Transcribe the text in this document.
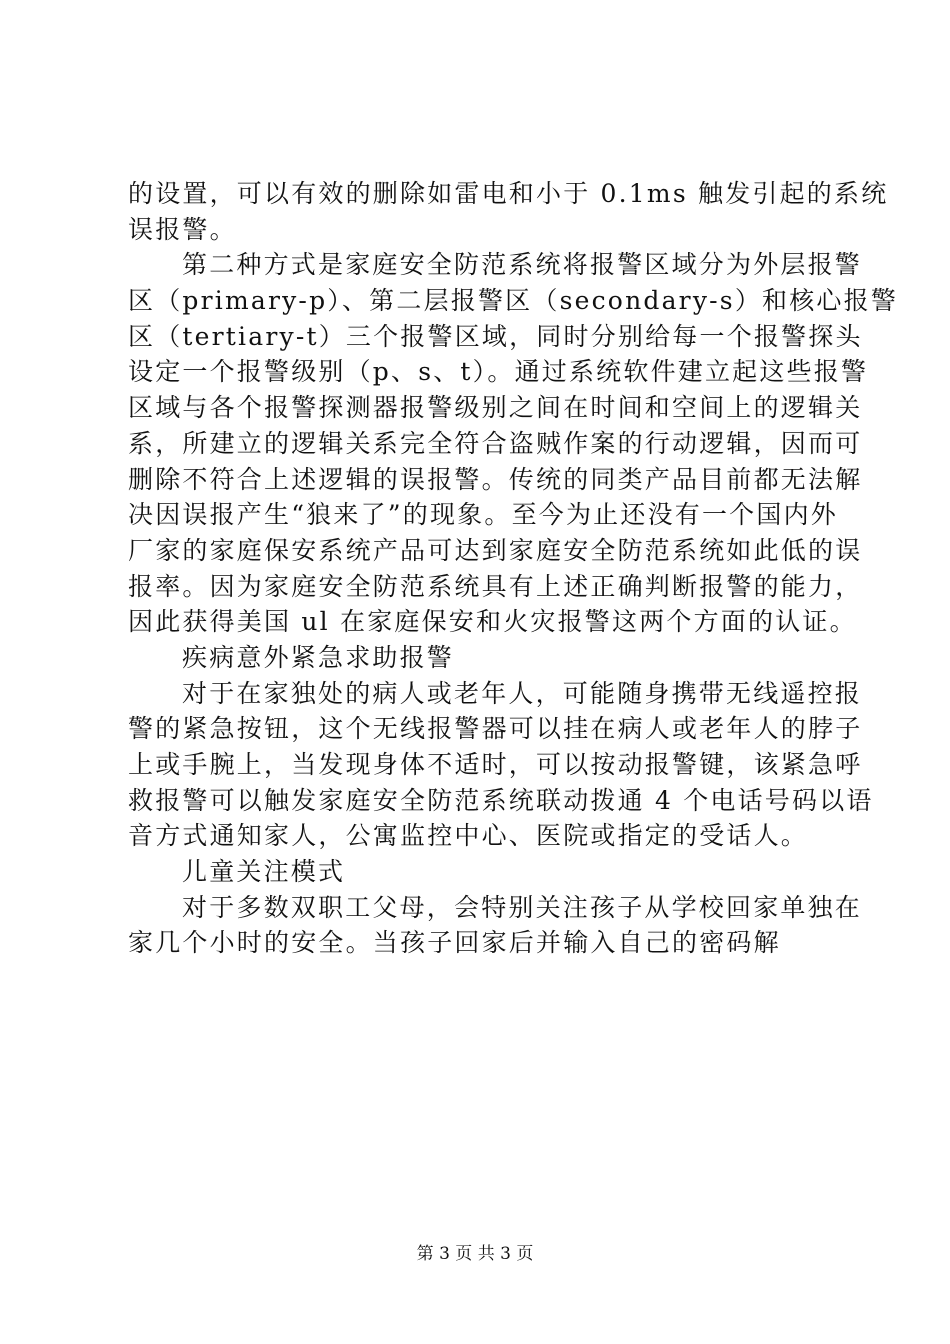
的设置，可以有效的删除如雷电和小于 0.1ms 触发引起的系统
误报警。
第二种方式是家庭安全防范系统将报警区域分为外层报警
区（primary-p）、第二层报警区（secondary-s）和核心报警
区（tertiary-t）三个报警区域，同时分别给每一个报警探头
设定一个报警级别（p、s、t）。通过系统软件建立起这些报警
区域与各个报警探测器报警级别之间在时间和空间上的逻辑关
系，所建立的逻辑关系完全符合盗贼作案的行动逻辑，因而可
删除不符合上述逻辑的误报警。传统的同类产品目前都无法解
决因误报产生“狼来了”的现象。至今为止还没有一个国内外
厂家的家庭保安系统产品可达到家庭安全防范系统如此低的误
报率。因为家庭安全防范系统具有上述正确判断报警的能力，
因此获得美国 ul 在家庭保安和火灾报警这两个方面的认证。
疾病意外紧急求助报警
对于在家独处的病人或老年人，可能随身携带无线遥控报
警的紧急按钮，这个无线报警器可以挂在病人或老年人的脖子
上或手腕上，当发现身体不适时，可以按动报警键，该紧急呼
救报警可以触发家庭安全防范系统联动拨通 4 个电话号码以语
音方式通知家人，公寓监控中心、医院或指定的受话人。
儿童关注模式
对于多数双职工父母，会特别关注孩子从学校回家单独在
家几个小时的安全。当孩子回家后并输入自己的密码解
第 3 页 共 3 页
